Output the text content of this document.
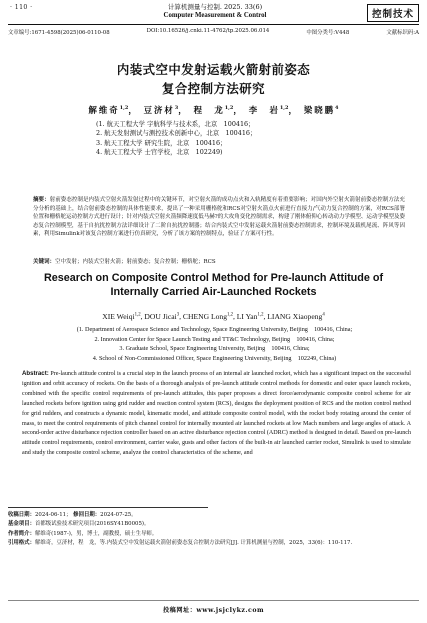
· 110 ·	计算机测量与控制. 2025. 33(6)
Computer Measurement & Control	控制技术
文章编号:1671-4598(2025)06-0110-08	DOI:10.16526/j.cnki.11-4762/tp.2025.06.014	中图分类号:V448	文献标识码:A
内装式空中发射运载火箭射前姿态
复合控制方法研究
解维奇$^{1,2}$， 豆济材$^3$， 程　龙$^{1,2}$， 李　岩$^{1,2}$， 梁晓鹏$^4$
(1. 航天工程大学 宇航科学与技术系，北京　100416；
2. 航天发射测试与测控技术创新中心，北京　100416；
3. 航天工程大学 研究生院，北京　100416；
4. 航天工程大学 士官学校，北京　102249)
摘要：射前姿态控制是内装式空射火箭发射过程中的关键环节，对空射火箭的成功点火和入轨精度有着重要影响；对国内外空射火箭射前姿态控制方法充分分析的基础上，结合射前姿态控制的具体性能要求，提出了一种采用栅格舵和RCS对空射火箭点火前进行直接力/气动力复合控制的方案，对RCS部署位置和栅格舵运动控制方式进行设计；针对内装式空射火箭频降速度低马赫?的大攻角变化控制需求，构建了刚体俯仰心转动动力学模型、运动学模型及姿态复合控制模型，基于自抗扰控制方法详细设计了二阶自抗扰控制器；结合内装式空中发射运载火箭射前姿态控制需求，控制环境及载机尾流、阵风等因素，利用Simulink对该复合控制方案进行仿真研究，分析了该方案的控制特点，验证了方案可行性。
关键词：空中发射；内装式空射火箭；射前姿态；复合控制；栅格舵；RCS
Research on Composite Control Method for Pre-launch Attitude of
Internally Carried Air-Launched Rockets
XIE Weiqi$^{1,2}$, DOU Jicai$^3$, CHENG Long$^{1,2}$, LI Yan$^{1,2}$, LIANG Xiaopeng$^4$
(1. Department of Aerospace Science and Technology, Space Engineering University, Beijing　100416, China;
2. Innovation Center for Space Launch Testing and TT&C Technology, Beijing　100416, China;
3. Graduate School, Space Engineering University, Beijing　100416, China;
4. School of Non-Commissioned Officer, Space Engineering University, Beijing　102249, China)
Abstract: Pre-launch attitude control is a crucial step in the launch process of an internal air launched rocket, which has a significant impact on the successful ignition and orbit accuracy of rockets. On the basis of a thorough analysis of pre-launch attitude control methods for domestic and outer space launch rockets, combined with the specific control requirements of pre-launch attitudes, this paper proposes a direct force/aerodynamic composite control scheme for air launched rockets before ignition using grid rudder and reaction control system (RCS), designs the deployment position of RCS and the motion control method for grid rudders, and constructs a dynamic model, kinematic model, and attitude composite control model, with the rocket body rotating around the center of mass, to meet the control requirements of pitch channel control for internally mounted air launched rockets at low Mach numbers and large angles of attack. A second-order active disturbance rejection controller based on an active disturbance rejection control (ADRC) method is designed in detail. Based on pre-launch attitude control requirements, control environment, carrier wake, gusts and other factors of the built-in air launched carrier rocket, Simulink is used to simulate and study the composite control scheme, analyze the control characteristics of the scheme, and
收稿日期：2024-06-11； 修回日期：2024-07-25。
基金项目：首都级试验技术研究项目(2016SY41B0005)。
作者简介：解维奇(1987-)，男，博士，副教授，硕士生导师。
引用格式：解维奇，豆济材，程　龙，等.内装式空中发射运载火箭射前姿态复合控制方法研究[J]. 计算机测量与控制，2025，33(6)：110-117.
投稿网址：www.jsjclykz.com
